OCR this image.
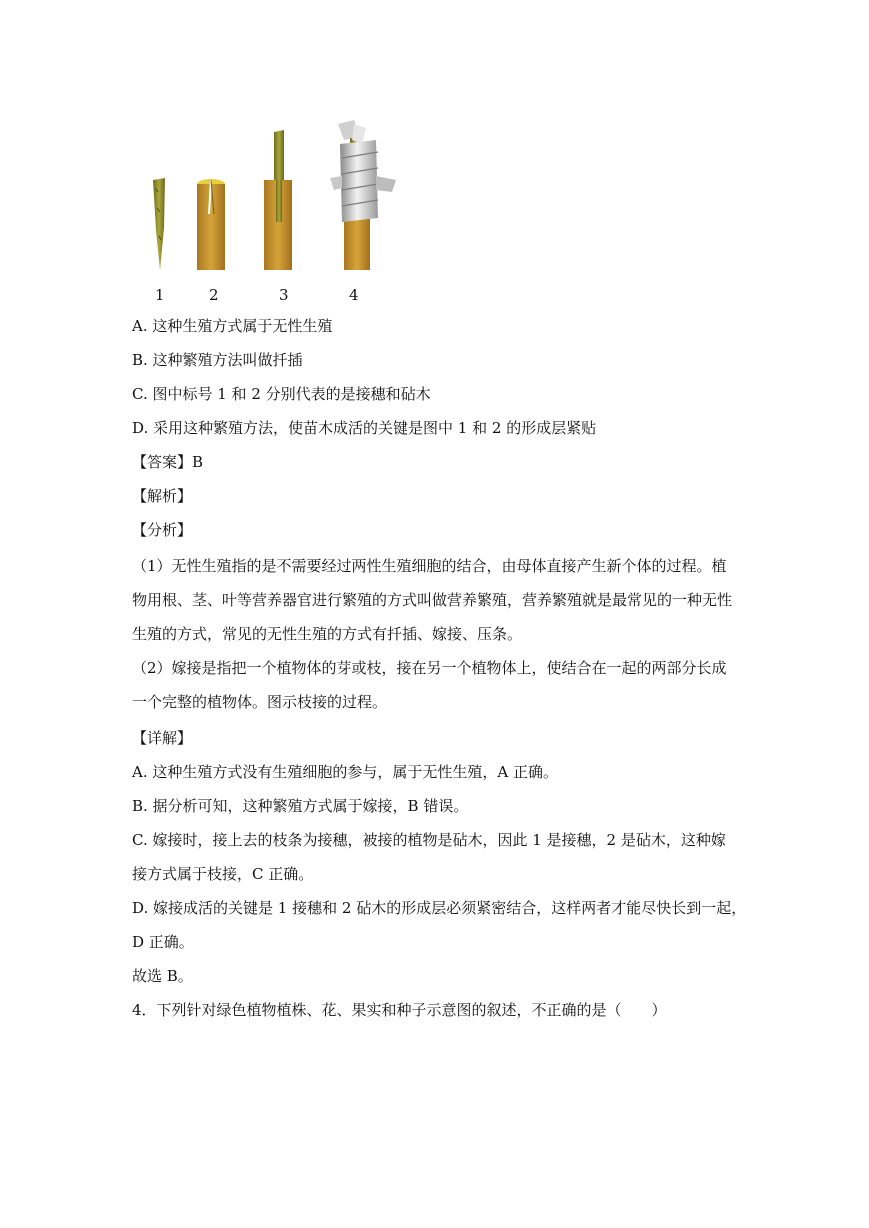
1	2	3	4
A. 这种生殖方式属于无性生殖
B. 这种繁殖方法叫做扦插
C. 图中标号 1 和 2 分别代表的是接穗和砧木
D. 采用这种繁殖方法，使苗木成活的关键是图中 1 和 2 的形成层紧贴
【答案】B
【解析】
【分析】
（1）无性生殖指的是不需要经过两性生殖细胞的结合，由母体直接产生新个体的过程。植
物用根、茎、叶等营养器官进行繁殖的方式叫做营养繁殖，营养繁殖就是最常见的一种无性
生殖的方式，常见的无性生殖的方式有扦插、嫁接、压条。
（2）嫁接是指把一个植物体的芽或枝，接在另一个植物体上，使结合在一起的两部分长成
一个完整的植物体。图示枝接的过程。
【详解】
A. 这种生殖方式没有生殖细胞的参与，属于无性生殖，A 正确。
B. 据分析可知，这种繁殖方式属于嫁接，B 错误。
C. 嫁接时，接上去的枝条为接穗，被接的植物是砧木，因此 1 是接穗，2 是砧木，这种嫁
接方式属于枝接，C 正确。
D. 嫁接成活的关键是 1 接穗和 2 砧木的形成层必须紧密结合，这样两者才能尽快长到一起，
D 正确。
故选 B。
4．下列针对绿色植物植株、花、果实和种子示意图的叙述，不正确的是（　　）
